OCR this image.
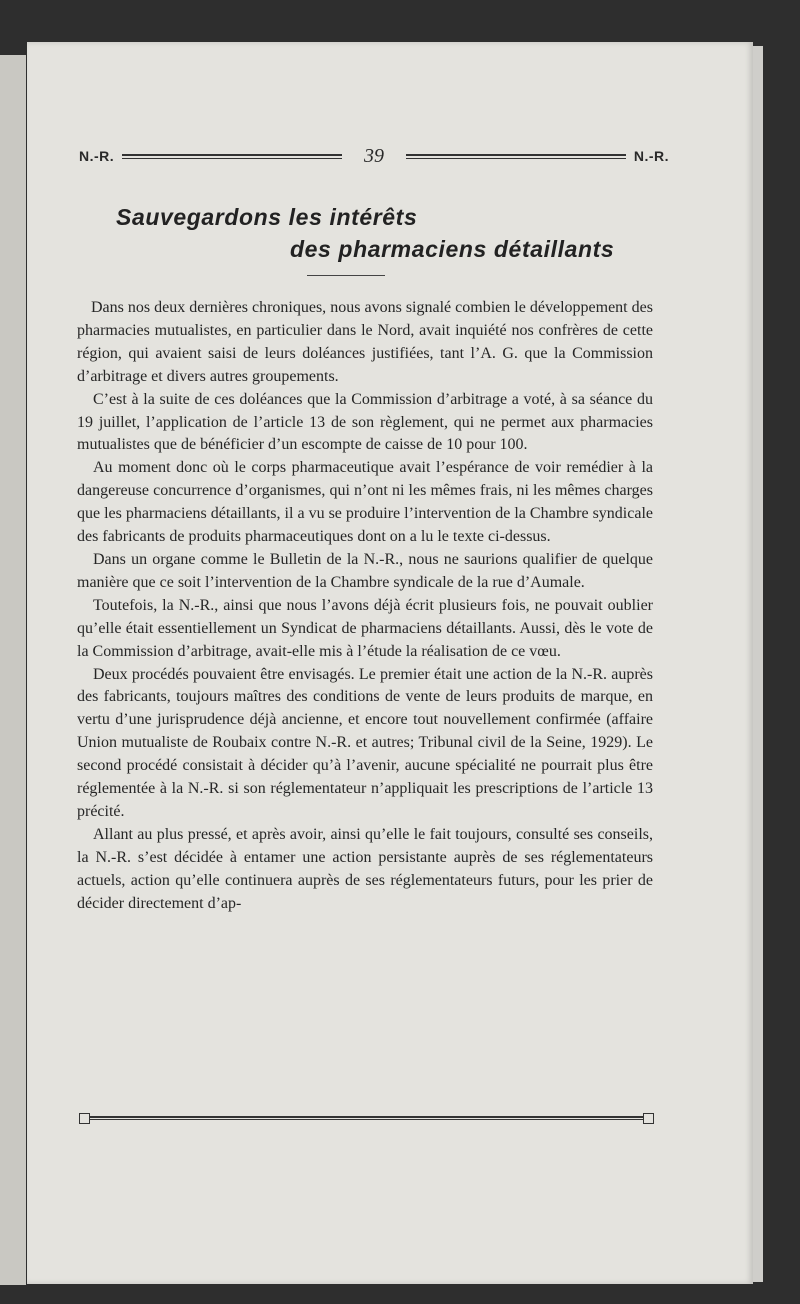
N.-R.	39	N.-R.
Sauvegardons les intérêts
des pharmaciens détaillants

Dans nos deux dernières chroniques, nous avons signalé combien le développement des pharmacies mutualistes, en particulier dans le Nord, avait inquiété nos confrères de cette région, qui avaient saisi de leurs doléances justifiées, tant l’A. G. que la Commission d’arbitrage et divers autres groupements.

C’est à la suite de ces doléances que la Commission d’arbitrage a voté, à sa séance du 19 juillet, l’application de l’article 13 de son règlement, qui ne permet aux pharmacies mutualistes que de bénéficier d’un escompte de caisse de 10 pour 100.

Au moment donc où le corps pharmaceutique avait l’espérance de voir remédier à la dangereuse concurrence d’organismes, qui n’ont ni les mêmes frais, ni les mêmes charges que les pharmaciens détaillants, il a vu se produire l’intervention de la Chambre syndicale des fabricants de produits pharmaceutiques dont on a lu le texte ci-dessus.

Dans un organe comme le Bulletin de la N.-R., nous ne saurions qualifier de quelque manière que ce soit l’intervention de la Chambre syndicale de la rue d’Aumale.

Toutefois, la N.-R., ainsi que nous l’avons déjà écrit plusieurs fois, ne pouvait oublier qu’elle était essentiellement un Syndicat de pharmaciens détaillants. Aussi, dès le vote de la Commission d’arbitrage, avait-elle mis à l’étude la réalisation de ce vœu.

Deux procédés pouvaient être envisagés. Le premier était une action de la N.-R. auprès des fabricants, toujours maîtres des conditions de vente de leurs produits de marque, en vertu d’une jurisprudence déjà ancienne, et encore tout nouvellement confirmée (affaire Union mutualiste de Roubaix contre N.-R. et autres; Tribunal civil de la Seine, 1929). Le second procédé consistait à décider qu’à l’avenir, aucune spécialité ne pourrait plus être réglementée à la N.-R. si son réglementateur n’appliquait les prescriptions de l’article 13 précité.

Allant au plus pressé, et après avoir, ainsi qu’elle le fait toujours, consulté ses conseils, la N.-R. s’est décidée à entamer une action persistante auprès de ses réglementateurs actuels, action qu’elle continuera auprès de ses réglementateurs futurs, pour les prier de décider directement d’ap-
